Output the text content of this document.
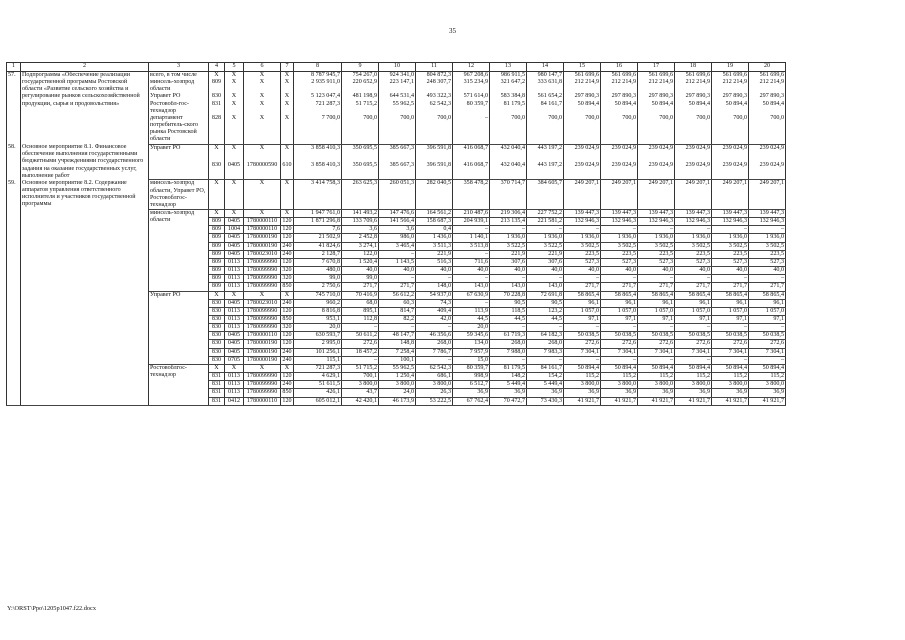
35
1	2	3	4	5	6	7	8	9	10	11	12	13	14	15	16	17	18	19	20
57.	Подпрограмма «Обеспечение реализации государственной программы Ростовской области «Развитие сельского хозяйства и регулирование рынков сельскохозяйственной продукции, сырья и продовольствия»	всего, в том числе	X	X	X	X	8 787 945,7	754 267,0	924 341,0	804 872,3	967 208,6	986 911,5	980 147,7	561 699,6	561 699,6	561 699,6	561 699,6	561 699,6	561 699,6
		минсель-хозпрод области	809	X	X	X	2 935 911,0	220 652,9	223 147,1	248 307,7	315 234,9	321 647,2	333 631,8	212 214,9	212 214,9	212 214,9	212 214,9	212 214,9	212 214,9
		Управет РО	830	X	X	X	5 123 047,4	481 198,9	644 531,4	493 322,3	571 614,0	583 384,8	561 654,2	297 890,3	297 890,3	297 890,3	297 890,3	297 890,3	297 890,3
		Ростовобл-гос-технадзор	831	X	X	X	721 287,3	51 715,2	55 962,5	62 542,3	80 359,7	81 179,5	84 161,7	50 894,4	50 894,4	50 894,4	50 894,4	50 894,4	50 894,4
		департамент потребитель-ского рынка Ростовской области	828	X	X	X	7 700,0	700,0	700,0	700,0	–	700,0	700,0	700,0	700,0	700,0	700,0	700,0	700,0
58.	Основное мероприятие 8.1. Финансовое обеспечение выполнения государственными бюджетными учреждениями государственного задания на оказание государственных услуг, выполнение работ	Управет РО	X	X	X	X	3 858 410,3	350 695,5	385 667,3	396 591,8	416 068,7	432 040,4	443 197,2	239 024,9	239 024,9	239 024,9	239 024,9	239 024,9	239 024,9
			830	0405	1780000590	610	3 858 410,3	350 695,5	385 667,3	396 591,8	416 068,7	432 040,4	443 197,2	239 024,9	239 024,9	239 024,9	239 024,9	239 024,9	239 024,9
59.	Основное мероприятие 8.2. Содержание аппаратов управления ответственного исполнителя и участников государственной программы	минсель-хозпрод области, Управет РО, Ростовоблгос-технадзор	X	X	X	X	3 414 758,3	263 625,3	260 051,3	282 040,5	358 478,2	370 714,7	384 605,7	249 207,1	249 207,1	249 207,1	249 207,1	249 207,1	249 207,1
		минсель-хозпрод области	X	X	X	X	1 947 761,0	141 493,2	147 476,6	164 561,2	210 487,6	219 306,4	227 752,2	139 447,3	139 447,3	139 447,3	139 447,3	139 447,3	139 447,3
			809	0405	1780000110	120	1 871 296,8	133 709,6	141 566,4	158 687,3	204 939,1	213 135,4	221 581,2	132 946,3	132 946,3	132 946,3	132 946,3	132 946,3	132 946,3
			809	1004	1780000110	120	7,6	3,6	3,6	0,4	–	–	–	–	–	–	–	–	–
			809	0405	1780000190	120	21 502,9	2 452,8	986,0	1 436,0	1 140,1	1 936,0	1 936,0	1 936,0	1 936,0	1 936,0	1 936,0	1 936,0	1 936,0
			809	0405	1780000190	240	41 824,6	3 274,1	3 465,4	3 511,3	3 513,8	3 522,5	3 522,5	3 502,5	3 502,5	3 502,5	3 502,5	3 502,5	3 502,5
			809	0405	1780023010	240	2 128,7	122,0	–	221,9	–	221,9	221,9	223,5	223,5	223,5	223,5	223,5	223,5
			809	0113	1780099990	120	7 670,8	1 520,4	1 143,5	516,3	711,6	307,6	307,6	527,3	527,3	527,3	527,3	527,3	527,3
			809	0113	1780099990	320	480,0	40,0	40,0	40,0	40,0	40,0	40,0	40,0	40,0	40,0	40,0	40,0	40,0
			809	0113	1780099990	320	99,0	99,0	–	–	–	–	–	–	–	–	–	–	–
			809	0113	1780099990	850	2 750,6	271,7	271,7	148,0	143,0	143,0	143,0	271,7	271,7	271,7	271,7	271,7	271,7
		Управет РО	X	X	X	X	745 710,0	70 416,9	56 612,2	54 937,0	67 630,9	70 228,8	72 691,8	58 865,4	58 865,4	58 865,4	58 865,4	58 865,4	58 865,4
			830	0405	1780023010	240	960,2	68,0	60,3	74,3	–	90,5	90,5	96,1	96,1	96,1	96,1	96,1	96,1
			830	0113	1780099990	120	8 816,8	895,1	814,7	409,4	113,9	118,5	123,2	1 057,0	1 057,0	1 057,0	1 057,0	1 057,0	1 057,0
			830	0113	1780099990	850	953,1	112,8	82,2	42,0	44,5	44,5	44,5	97,1	97,1	97,1	97,1	97,1	97,1
			830	0113	1780099990	320	20,0	–	–	–	20,0	–	–	–	–	–	–	–	–
			830	0405	1780000110	120	630 593,7	50 611,2	48 147,7	46 356,6	59 345,6	61 719,3	64 182,3	50 038,5	50 038,5	50 038,5	50 038,5	50 038,5	50 038,5
			830	0405	1780000190	120	2 995,0	272,6	148,8	268,0	134,0	268,0	268,0	272,6	272,6	272,6	272,6	272,6	272,6
			830	0405	1780000190	240	101 256,1	18 457,2	7 258,4	7 786,7	7 957,9	7 988,0	7 983,3	7 304,1	7 304,1	7 304,1	7 304,1	7 304,1	7 304,1
			830	0705	1780000190	240	115,1	–	100,1	–	15,0	–	–	–	–	–	–	–	–
		Ростовоблгос-технадзор	X	X	X	X	721 287,3	51 715,2	55 962,5	62 542,3	80 359,7	81 179,5	84 161,7	50 894,4	50 894,4	50 894,4	50 894,4	50 894,4	50 894,4
			831	0113	1780099990	120	4 629,1	700,1	1 250,4	686,1	998,9	148,2	154,2	115,2	115,2	115,2	115,2	115,2	115,2
			831	0113	1780099990	240	51 611,5	3 800,0	3 800,0	3 800,0	6 512,7	5 449,4	5 449,4	3 800,0	3 800,0	3 800,0	3 800,0	3 800,0	3 800,0
			831	0113	1780099990	850	426,1	43,7	24,0	26,3	36,9	36,9	36,9	36,9	36,9	36,9	36,9	36,9	36,9
			831	0412	1780000110	120	605 012,1	42 420,1	46 173,9	53 222,5	67 762,4	70 472,7	73 430,3	41 921,7	41 921,7	41 921,7	41 921,7	41 921,7	41 921,7
Y:\ORST\Ppo\1205p1047.f22.docx
